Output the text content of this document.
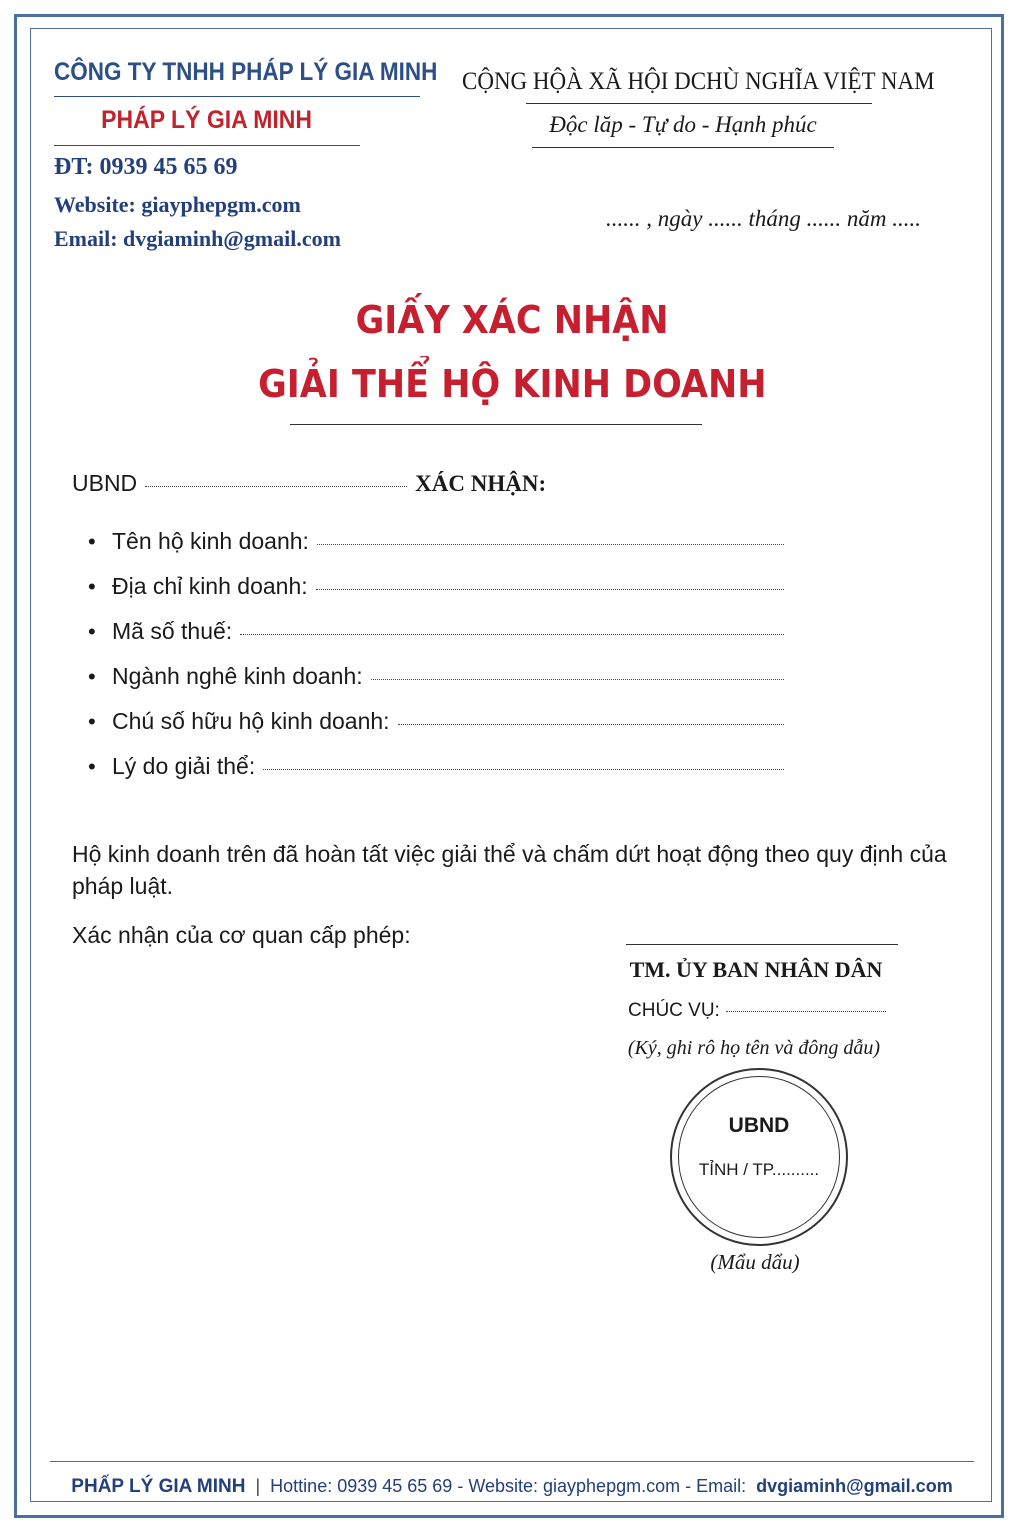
CÔNG TY TNHH PHÁP LÝ GIA MINH
PHÁP LÝ GIA MINH
ĐT: 0939 45 65 69
Website: giayphepgm.com
Email: dvgiaminh@gmail.com
CỘNG HỘÀ XÃ HỘI DCHÙ NGHĨA VIỆT NAM
Độc lăp - Tự do - Hạnh phúc
...... , ngày ...... tháng ...... năm .....
GIẤY XÁC NHẬN
GIẢI THỂ HỘ KINH DOANH
UBND	XÁC NHẬN:
• Tên hộ kinh doanh:
• Địa chỉ kinh doanh:
• Mã số thuế:
• Ngành nghê kinh doanh:
• Chú số hữu hộ kinh doanh:
• Lý do giải thể:
Hộ kinh doanh trên đã hoàn tất việc giải thể và chấm dứt hoạt động theo quy định của pháp luật.
Xác nhận của cơ quan cấp phép:
TM. ỦY BAN NHÂN DÂN
CHÚC VỤ:
(Ký, ghi rô họ tên và đông dẫu)
UBND
TỈNH / TP..........
(Mẩu dẩu)
PHẤP LÝ GIA MINH | Hottine: 0939 45 65 69 - Website: giayphepgm.com - Email: dvgiaminh@gmail.com
